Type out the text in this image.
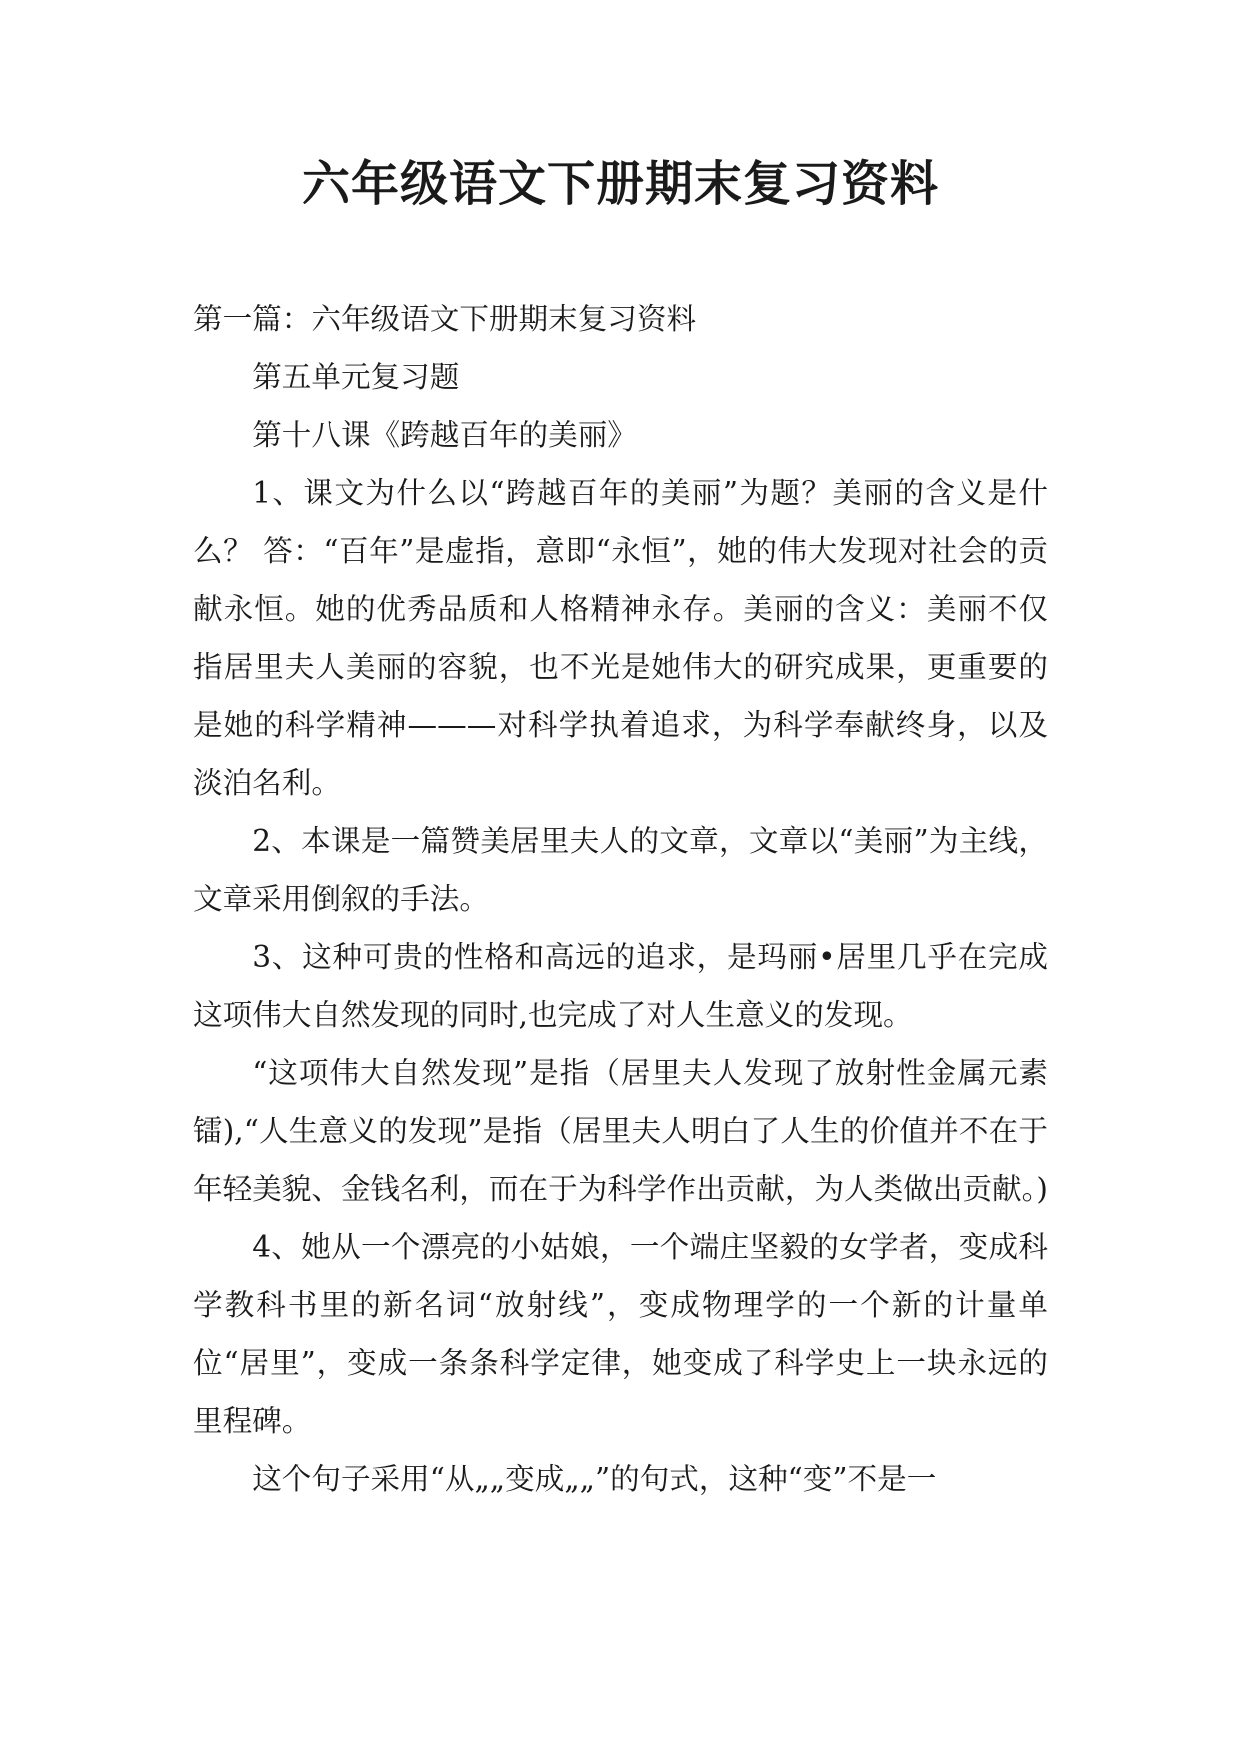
六年级语文下册期末复习资料

第一篇：六年级语文下册期末复习资料

第五单元复习题

第十八课《跨越百年的美丽》

1、课文为什么以“跨越百年的美丽”为题？美丽的含义是什么？ 答：“百年”是虚指，意即“永恒”，她的伟大发现对社会的贡献永恒。她的优秀品质和人格精神永存。美丽的含义：美丽不仅指居里夫人美丽的容貌，也不光是她伟大的研究成果，更重要的是她的科学精神———对科学执着追求，为科学奉献终身，以及淡泊名利。

2、本课是一篇赞美居里夫人的文章，文章以“美丽”为主线，文章采用倒叙的手法。

3、这种可贵的性格和高远的追求，是玛丽•居里几乎在完成这项伟大自然发现的同时,也完成了对人生意义的发现。

“这项伟大自然发现”是指（居里夫人发现了放射性金属元素镭),“人生意义的发现”是指（居里夫人明白了人生的价值并不在于年轻美貌、金钱名利，而在于为科学作出贡献，为人类做出贡献。)

4、她从一个漂亮的小姑娘，一个端庄坚毅的女学者，变成科学教科书里的新名词“放射线”，变成物理学的一个新的计量单位“居里”，变成一条条科学定律，她变成了科学史上一块永远的里程碑。

这个句子采用“从„„变成„„”的句式，这种“变”不是一
